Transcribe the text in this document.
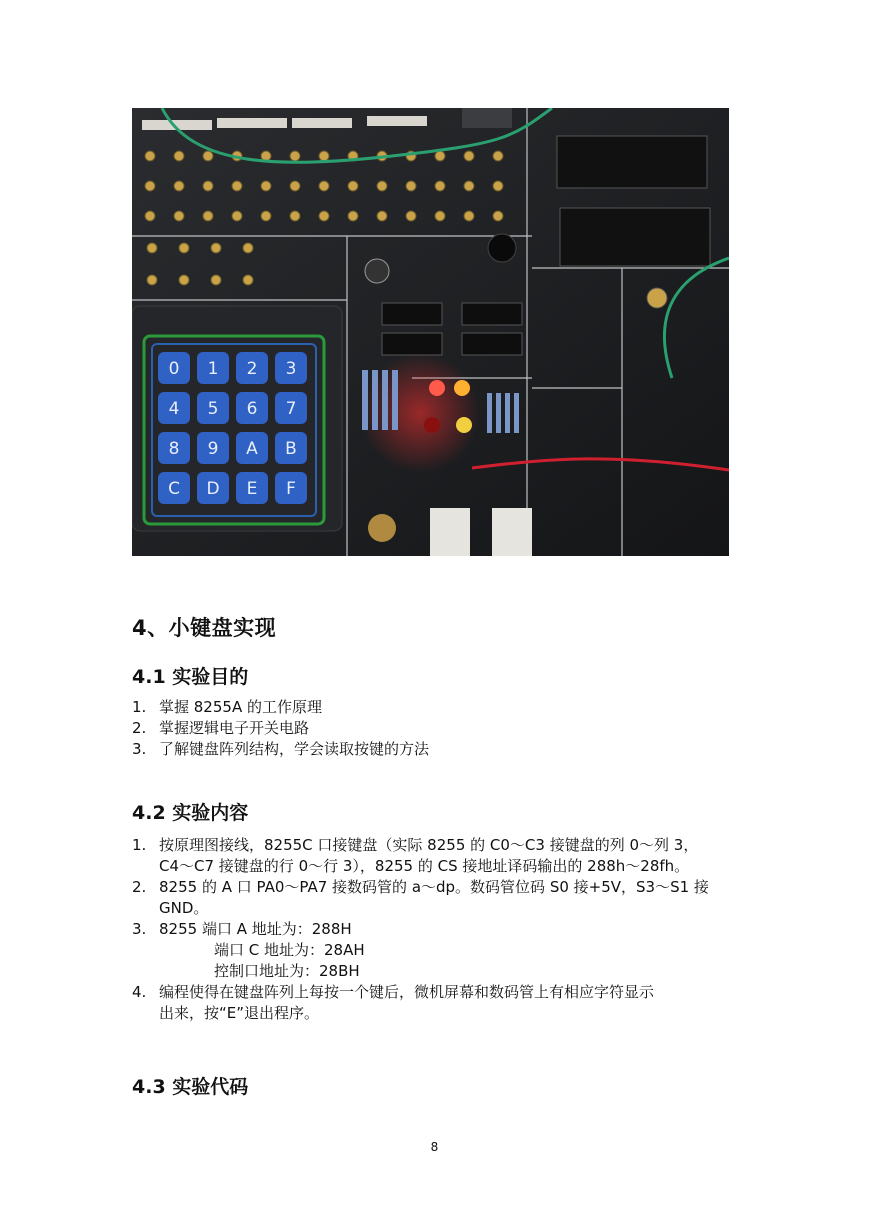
0 1 2 3
4 5 6 7
8 9 A B
C D E F
4、小键盘实现
4.1 实验目的
1. 掌握 8255A 的工作原理
2. 掌握逻辑电子开关电路
3. 了解键盘阵列结构，学会读取按键的方法
4.2 实验内容
1. 按原理图接线，8255C 口接键盘（实际 8255 的 C0～C3 接键盘的列 0～列 3，
C4～C7 接键盘的行 0～行 3），8255 的 CS 接地址译码输出的 288h～28fh。
2. 8255 的 A 口 PA0～PA7 接数码管的 a～dp。数码管位码 S0 接+5V，S3～S1 接
GND。
3. 8255 端口 A 地址为：288H
端口 C 地址为：28AH
控制口地址为：28BH
4. 编程使得在键盘阵列上每按一个键后，微机屏幕和数码管上有相应字符显示
出来，按“E”退出程序。
4.3 实验代码
8
